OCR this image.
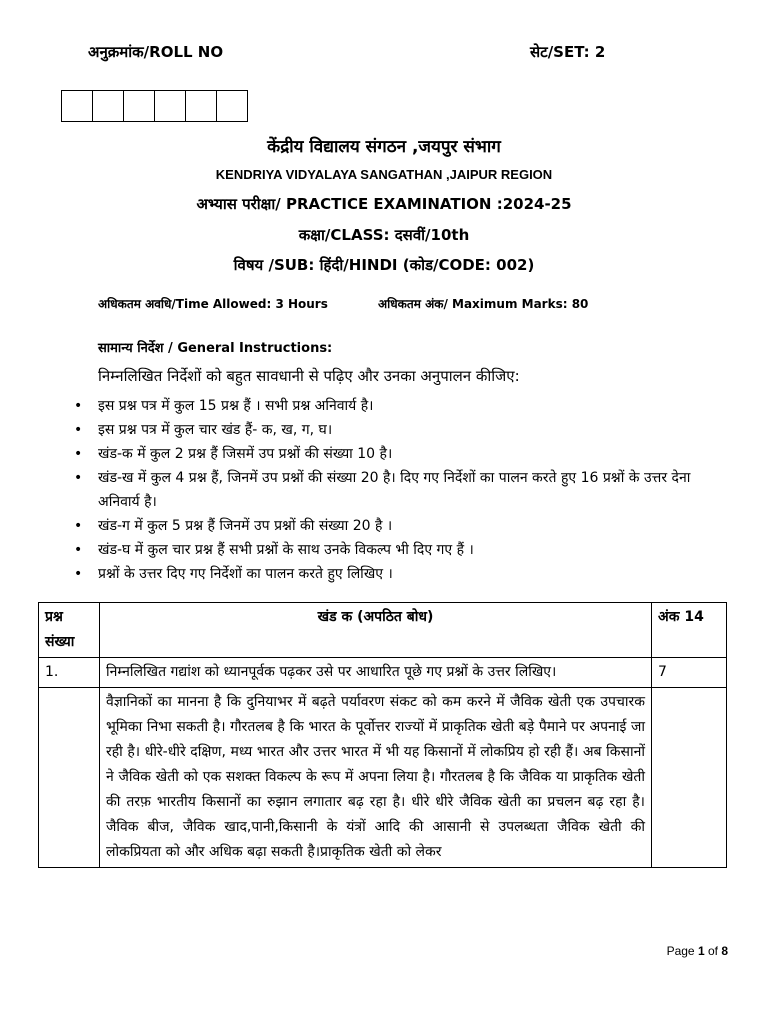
अनुक्रमांक/ROLL NO	सेट/SET: 2
केंद्रीय विद्यालय संगठन ,जयपुर संभाग
KENDRIYA VIDYALAYA SANGATHAN ,JAIPUR REGION
अभ्यास परीक्षा/ PRACTICE EXAMINATION :2024-25
कक्षा/CLASS: दसवीं/10th
विषय /SUB: हिंदी/HINDI (कोड/CODE: 002)
अधिकतम अवधि/Time Allowed: 3 Hours	अधिकतम अंक/ Maximum Marks: 80
सामान्य निर्देश / General Instructions:
निम्नलिखित निर्देशों को बहुत सावधानी से पढ़िए और उनका अनुपालन कीजिए:
• इस प्रश्न पत्र में कुल 15 प्रश्न हैं । सभी प्रश्न अनिवार्य है।
• इस प्रश्न पत्र में कुल चार खंड हैं- क, ख, ग, घ।
• खंड-क में कुल 2 प्रश्न हैं जिसमें उप प्रश्नों की संख्या 10 है।
• खंड-ख में कुल 4 प्रश्न हैं, जिनमें उप प्रश्नों की संख्या 20 है। दिए गए निर्देशों का पालन करते हुए 16 प्रश्नों के उत्तर देना अनिवार्य है।
• खंड-ग में कुल 5 प्रश्न हैं जिनमें उप प्रश्नों की संख्या 20 है ।
• खंड-घ में कुल चार प्रश्न हैं सभी प्रश्नों के साथ उनके विकल्प भी दिए गए हैं ।
• प्रश्नों के उत्तर दिए गए निर्देशों का पालन करते हुए लिखिए ।
प्रश्न संख्या	खंड क (अपठित बोध)	अंक 14
1.	निम्नलिखित गद्यांश को ध्यानपूर्वक पढ़कर उसे पर आधारित पूछे गए प्रश्नों के उत्तर लिखिए।	7
	वैज्ञानिकों का मानना है कि दुनियाभर में बढ़ते पर्यावरण संकट को कम करने में जैविक खेती एक उपचारक भूमिका निभा सकती है। गौरतलब है कि भारत के पूर्वोत्तर राज्यों में प्राकृतिक खेती बड़े पैमाने पर अपनाई जा रही है। धीरे-धीरे दक्षिण, मध्य भारत और उत्तर भारत में भी यह किसानों में लोकप्रिय हो रही हैं। अब किसानों ने जैविक खेती को एक सशक्त विकल्प के रूप में अपना लिया है। गौरतलब है कि जैविक या प्राकृतिक खेती की तरफ़ भारतीय किसानों का रुझान लगातार बढ़ रहा है। धीरे धीरे जैविक खेती का प्रचलन बढ़ रहा है। जैविक बीज, जैविक खाद,पानी,किसानी के यंत्रों आदि की आसानी से उपलब्धता जैविक खेती की लोकप्रियता को और अधिक बढ़ा सकती है।प्राकृतिक खेती को लेकर	
Page 1 of 8
